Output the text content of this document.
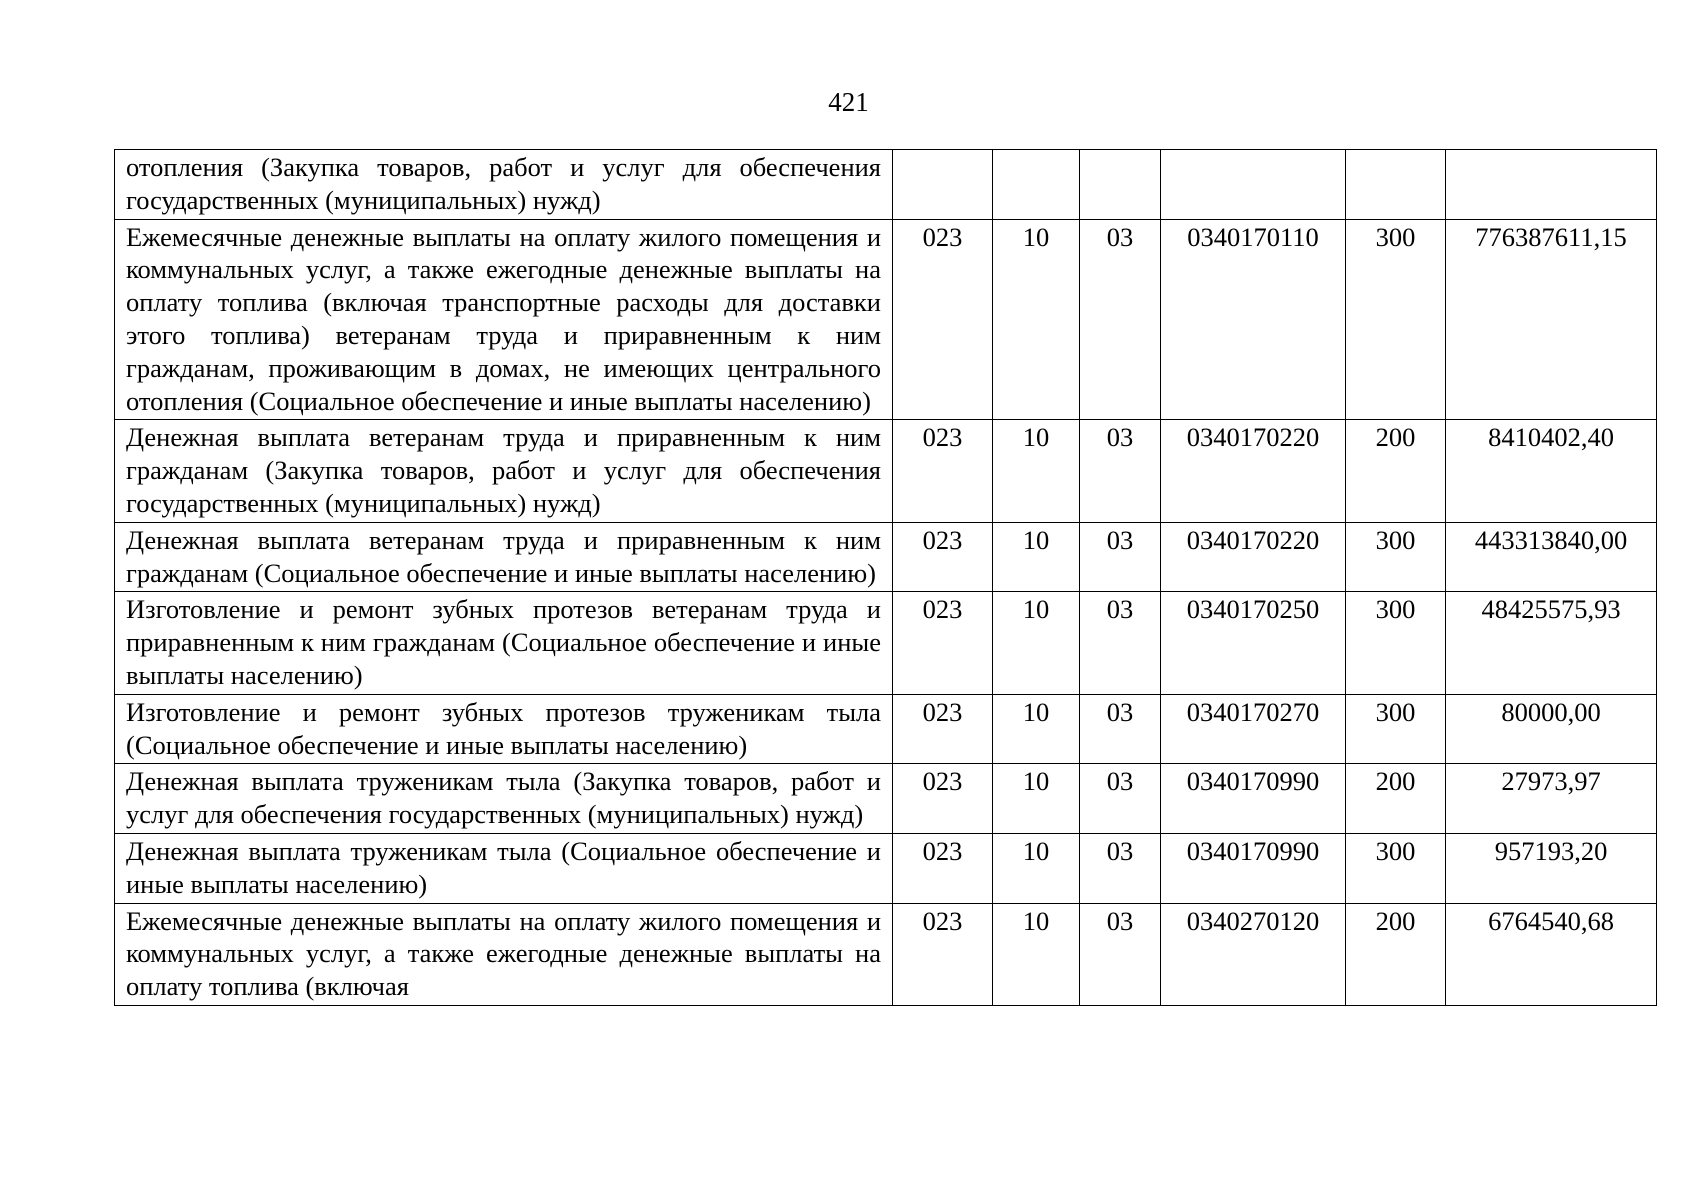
421
отопления (Закупка товаров, работ и услуг для обеспечения государственных (муниципальных) нужд)						
Ежемесячные денежные выплаты на оплату жилого помещения и коммунальных услуг, а также ежегодные денежные выплаты на оплату топлива (включая транспортные расходы для доставки этого топлива) ветеранам труда и приравненным к ним гражданам, проживающим в домах, не имеющих центрального отопления (Социальное обеспечение и иные выплаты населению)	023	10	03	0340170110	300	776387611,15
Денежная выплата ветеранам труда и приравненным к ним гражданам (Закупка товаров, работ и услуг для обеспечения государственных (муниципальных) нужд)	023	10	03	0340170220	200	8410402,40
Денежная выплата ветеранам труда и приравненным к ним гражданам (Социальное обеспечение и иные выплаты населению)	023	10	03	0340170220	300	443313840,00
Изготовление и ремонт зубных протезов ветеранам труда и приравненным к ним гражданам (Социальное обеспечение и иные выплаты населению)	023	10	03	0340170250	300	48425575,93
Изготовление и ремонт зубных протезов труженикам тыла (Социальное обеспечение и иные выплаты населению)	023	10	03	0340170270	300	80000,00
Денежная выплата труженикам тыла (Закупка товаров, работ и услуг для обеспечения государственных (муниципальных) нужд)	023	10	03	0340170990	200	27973,97
Денежная выплата труженикам тыла (Социальное обеспечение и иные выплаты населению)	023	10	03	0340170990	300	957193,20
Ежемесячные денежные выплаты на оплату жилого помещения и коммунальных услуг, а также ежегодные денежные выплаты на оплату топлива (включая	023	10	03	0340270120	200	6764540,68
